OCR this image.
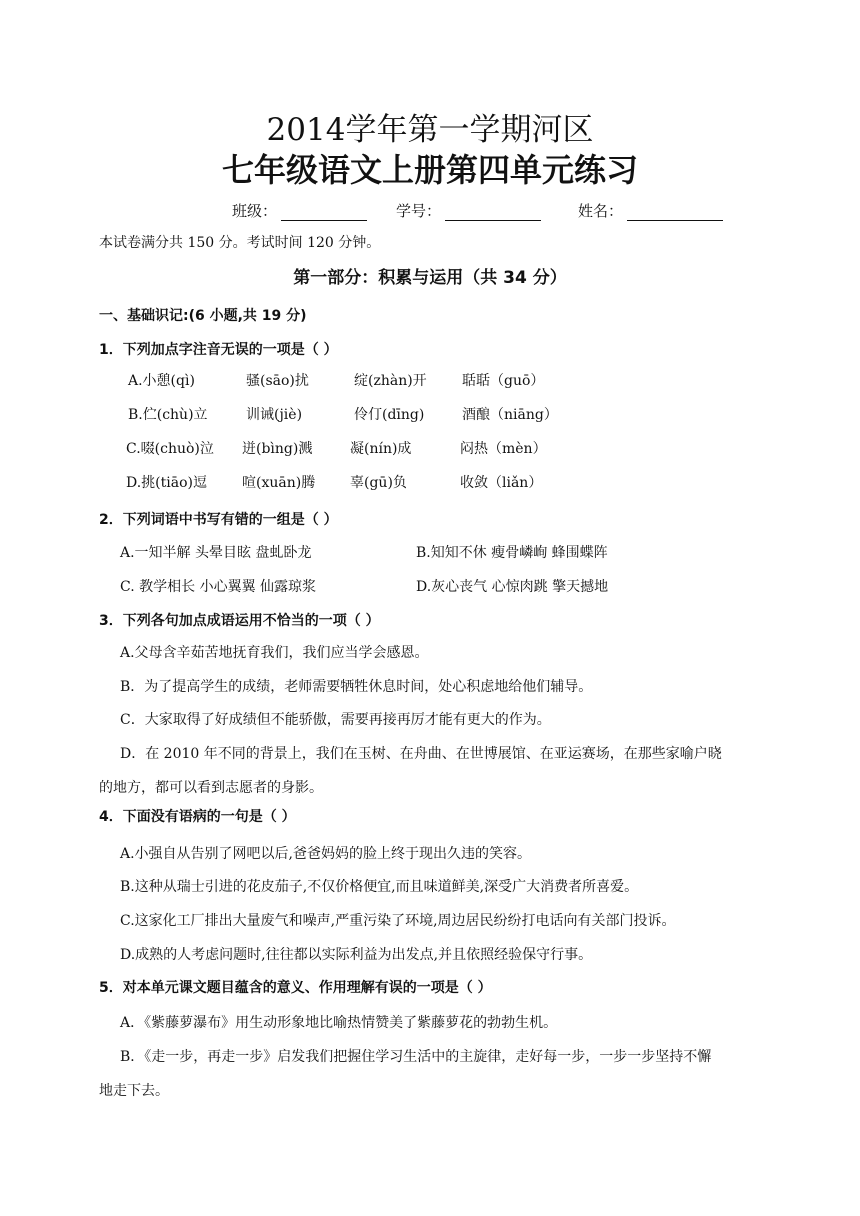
2014学年第一学期河区
七年级语文上册第四单元练习
班级：	学号：	姓名：
本试卷满分共 150 分。考试时间 120 分钟。
第一部分：积累与运用（共 34 分）
一、基础识记:(6 小题,共 19 分)
1．下列加点字注音无误的一项是（ ）
A.小憩(qì)	骚(sāo)扰	绽(zhàn)开	聒聒（guō）
B.伫(chù)立	训诫(jiè)	伶仃(dīng)	酒酿（niāng）
C.啜(chuò)泣 迸(bìng)溅	凝(nín)成	闷热（mèn）
D.挑(tiāo)逗	喧(xuān)腾 辜(gū)负	收敛（liǎn）
2．下列词语中书写有错的一组是（ ）
A.一知半解 头晕目眩 盘虬卧龙	B.知知不休 瘦骨嶙峋 蜂围蝶阵
C. 教学相长 小心翼翼 仙露琼浆	D.灰心丧气 心惊肉跳 擎天撼地
3．下列各句加点成语运用不恰当的一项（ ）
A.父母含辛茹苦地抚育我们，我们应当学会感恩。
B．为了提高学生的成绩，老师需要牺牲休息时间，处心积虑地给他们辅导。
C．大家取得了好成绩但不能骄傲，需要再接再厉才能有更大的作为。
D．在 2010 年不同的背景上，我们在玉树、在舟曲、在世博展馆、在亚运赛场，在那些家喻户晓
的地方，都可以看到志愿者的身影。
4．下面没有语病的一句是（ ）
A.小强自从告别了网吧以后,爸爸妈妈的脸上终于现出久违的笑容。
B.这种从瑞士引进的花皮茄子,不仅价格便宜,而且味道鲜美,深受广大消费者所喜爱。
C.这家化工厂排出大量废气和噪声,严重污染了环境,周边居民纷纷打电话向有关部门投诉。
D.成熟的人考虑问题时,往往都以实际利益为出发点,并且依照经验保守行事。
5．对本单元课文题目蕴含的意义、作用理解有误的一项是（ ）
A．《紫藤萝瀑布》用生动形象地比喻热情赞美了紫藤萝花的勃勃生机。
B．《走一步，再走一步》启发我们把握住学习生活中的主旋律，走好每一步，一步一步坚持不懈
地走下去。
